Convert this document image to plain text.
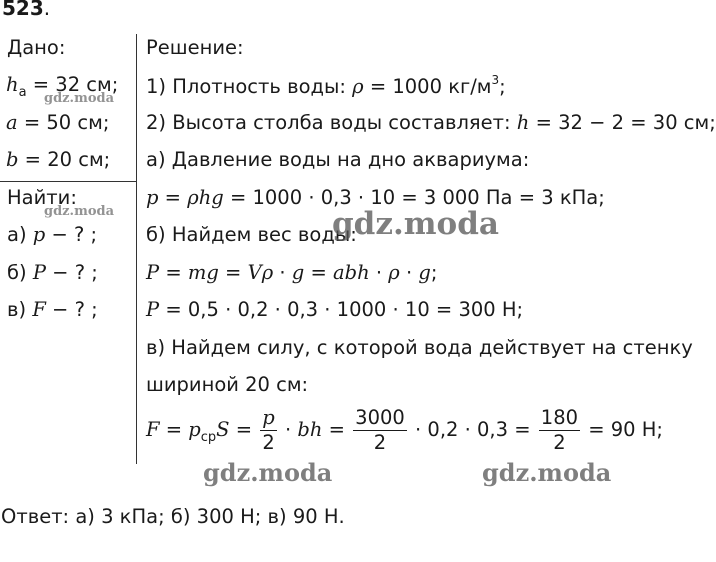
523.
Дано:
$h_а = 32$ см;
a = 50 см;
b = 20 см;
Найти:
а) p − ? ;
б) P − ? ;
в) F − ? ;
Решение:
1) Плотность воды: ρ = 1000 $кг/м^3$;
2) Высота столба воды составляет: h = 32 − 2 = 30 см;
а) Давление воды на дно аквариума:
p = ρhg = 1000 · 0,3 · 10 = 3 000 Па = 3 кПа;
б) Найдем вес воды:
P = mg = Vρ · g = abh · ρ · g;
P = 0,5 · 0,2 · 0,3 · 1000 · 10 = 300 Н;
в) Найдем силу, с которой вода действует на стенку
шириной 20 см:
$F = p_{ср}S = \frac{p}{2}$ · bh = $\frac{3000}{2} \cdot 0,2 \cdot 0,3 = \frac{180}{2} = 90$ Н;
Ответ: а) 3 кПа; б) 300 Н; в) 90 Н.
gdz.moda
gdz.moda	gdz.moda
gdz.moda	gdz.moda
